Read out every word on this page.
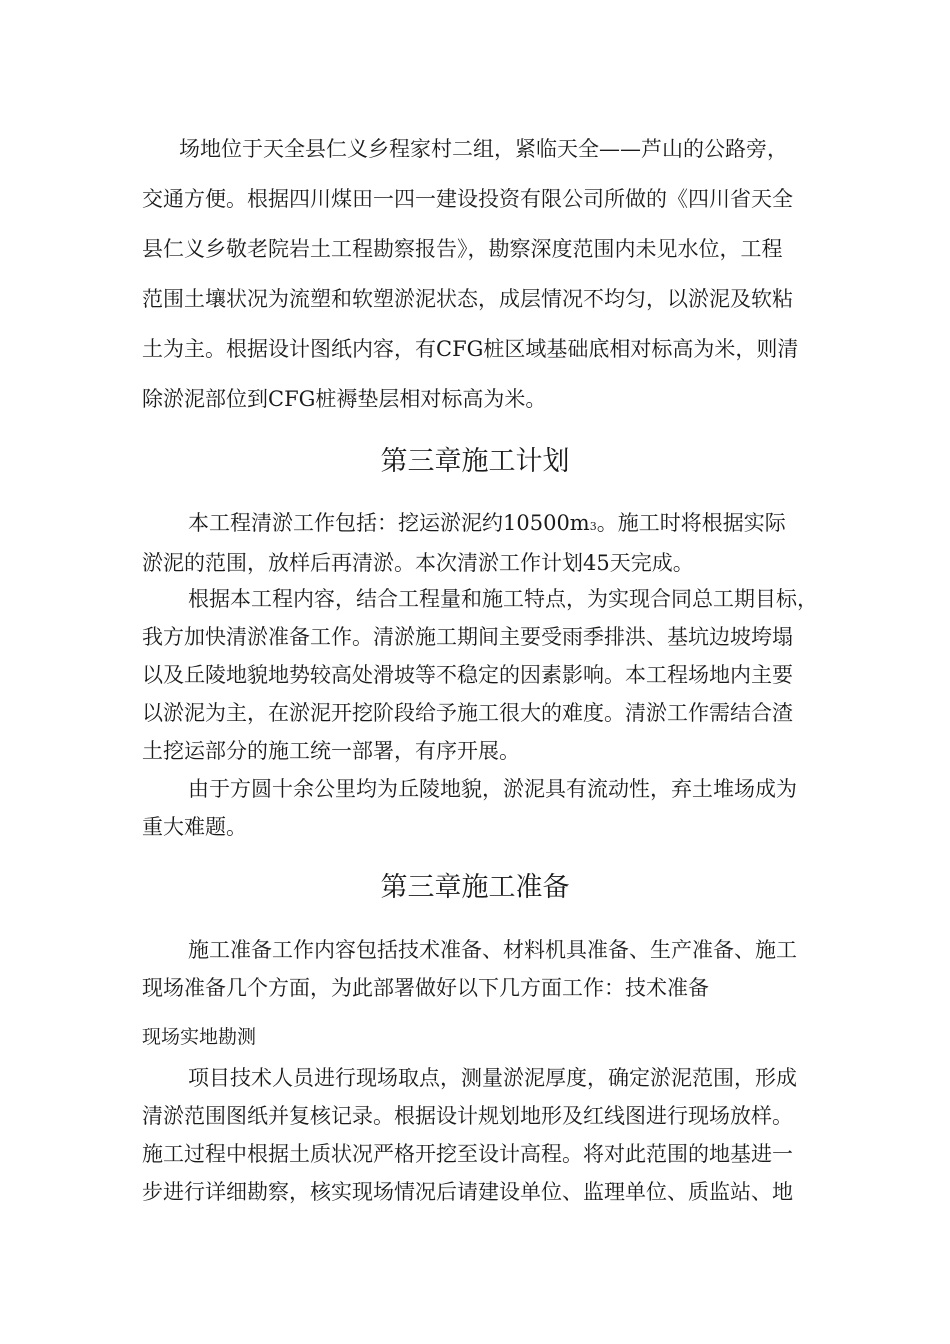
场地位于天全县仁义乡程家村二组，紧临天全——芦山的公路旁，
交通方便。根据四川煤田一四一建设投资有限公司所做的《四川省天全
县仁义乡敬老院岩土工程勘察报告》，勘察深度范围内未见水位，工程
范围土壤状况为流塑和软塑淤泥状态，成层情况不均匀，以淤泥及软粘
土为主。根据设计图纸内容，有CFG桩区域基础底相对标高为米，则清
除淤泥部位到CFG桩褥垫层相对标高为米。
第三章施工计划
本工程清淤工作包括：挖运淤泥约10500m3。施工时将根据实际
淤泥的范围，放样后再清淤。本次清淤工作计划45天完成。
根据本工程内容，结合工程量和施工特点，为实现合同总工期目标，
我方加快清淤准备工作。清淤施工期间主要受雨季排洪、基坑边坡垮塌
以及丘陵地貌地势较高处滑坡等不稳定的因素影响。本工程场地内主要
以淤泥为主，在淤泥开挖阶段给予施工很大的难度。清淤工作需结合渣
土挖运部分的施工统一部署，有序开展。
由于方圆十余公里均为丘陵地貌，淤泥具有流动性，弃土堆场成为
重大难题。
第三章施工准备
施工准备工作内容包括技术准备、材料机具准备、生产准备、施工
现场准备几个方面，为此部署做好以下几方面工作：技术准备
现场实地勘测
项目技术人员进行现场取点，测量淤泥厚度，确定淤泥范围，形成
清淤范围图纸并复核记录。根据设计规划地形及红线图进行现场放样。
施工过程中根据土质状况严格开挖至设计高程。将对此范围的地基进一
步进行详细勘察，核实现场情况后请建设单位、监理单位、质监站、地
